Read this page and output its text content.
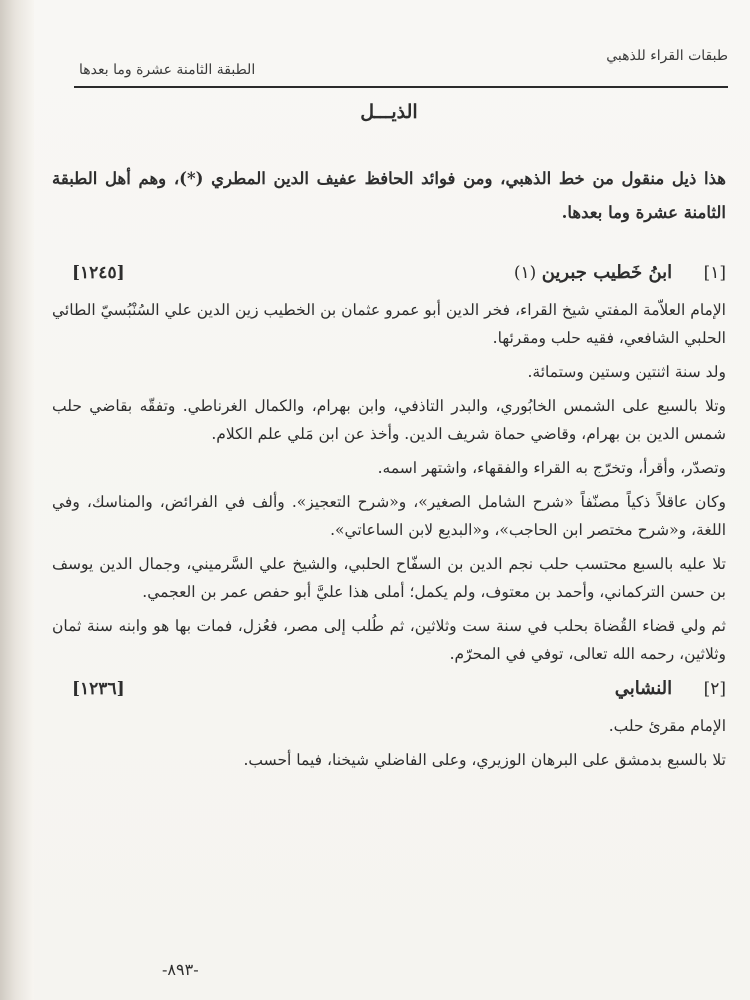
طبقات القراء للذهبي
الطبقة الثامنة عشرة وما بعدها
-٨٩٣-
الذيـــل
هذا ذيل منقول من خط الذهبي، ومن فوائد الحافظ عفيف الدين المطري (*)، وهم أهل الطبقة الثامنة عشرة وما بعدها.
[١] ابنُ خَطيب جبرين (١)
[١٢٤٥]

الإمام العلاّمة المفتي شيخ القراء، فخر الدين أبو عمرو عثمان بن الخطيب زين الدين علي السُنْبُسيّ الطائي الحلبي الشافعي، فقيه حلب ومقرئها.

ولد سنة اثنتين وستين وستمائة.

وتلا بالسبع على الشمس الخابُوري، والبدر التاذفي، وابن بهرام، والكمال الغرناطي. وتفقّه بقاضي حلب شمس الدين بن بهرام، وقاضي حماة شريف الدين. وأخذ عن ابن مَلي علم الكلام.

وتصدّر، وأقرأ، وتخرّج به القراء والفقهاء، واشتهر اسمه.

وكان عاقلاً ذكياً مصنّفاً «شرح الشامل الصغير»، و«شرح التعجيز». وألف في الفرائض، والمناسك، وفي اللغة، و«شرح مختصر ابن الحاجب»، و«البديع لابن الساعاتي».

تلا عليه بالسبع محتسب حلب نجم الدين بن السفّاح الحلبي، والشيخ علي السَّرميني، وجمال الدين يوسف بن حسن التركماني، وأحمد بن معتوف، ولم يكمل؛ أملى هذا عليَّ أبو حفص عمر بن العجمي.

ثم ولي قضاء القُضاة بحلب في سنة ست وثلاثين، ثم طُلب إلى مصر، فعُزل، فمات بها هو وابنه سنة ثمان وثلاثين، رحمه الله تعالى، توفي في المحرّم.

[٢] النشابي
[١٢٣٦]

الإمام مقرئ حلب.

تلا بالسبع بدمشق على البرهان الوزيري، وعلى الفاضلي شيخنا، فيما أحسب.
